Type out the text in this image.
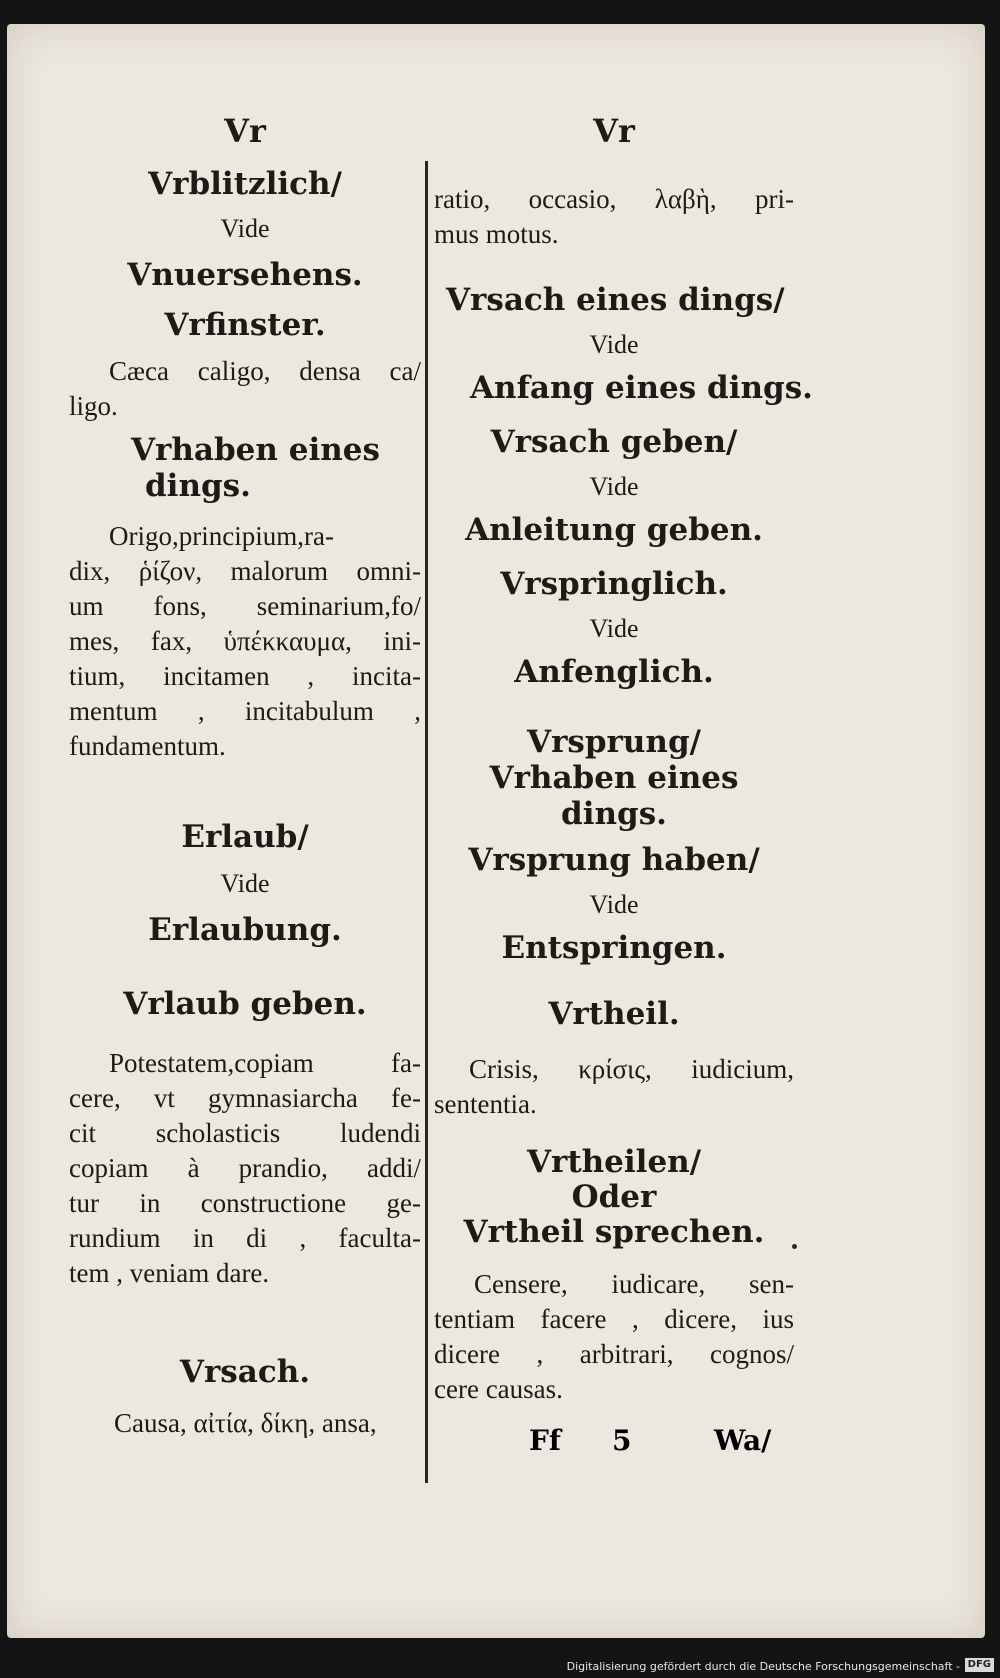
Vr
Vrblitzlich/
Vide
Vnuersehens.
Vrfinster.
Cæca caligo, densa ca/
ligo.
Vrhaben eines
dings.
Origo,principium,ra-
dix, ῥίζον, malorum omni-
um fons, seminarium,fo/
mes, fax, ὑπέκκαυμα, ini-
tium, incitamen , incita-
mentum , incitabulum ,
fundamentum.
Erlaub/
Vide
Erlaubung.
Vrlaub geben.
Potestatem,copiam fa-
cere, vt gymnasiarcha fe-
cit scholasticis ludendi
copiam à prandio, addi/
tur in constructione ge-
rundium in di , faculta-
tem , veniam dare.
Vrsach.
Causa, αἰτία, δίκη, ansa,
Vr
ratio, occasio, λαβὴ, pri-
mus motus.
Vrsach eines dings/
Vide
Anfang eines dings.
Vrsach geben/
Vide
Anleitung geben.
Vrspringlich.
Vide
Anfenglich.
Vrsprung/
Vrhaben eines
dings.
Vrsprung haben/
Vide
Entspringen.
Vrtheil.
Crisis, κρίσις, iudicium,
sententia.
Vrtheilen/
Oder
Vrtheil sprechen.
Censere, iudicare, sen-
tentiam facere , dicere, ius
dicere , arbitrari, cognos/
cere causas.
Ff 5	Wa/
Digitalisierung gefördert durch die Deutsche Forschungsgemeinschaft - DFG
